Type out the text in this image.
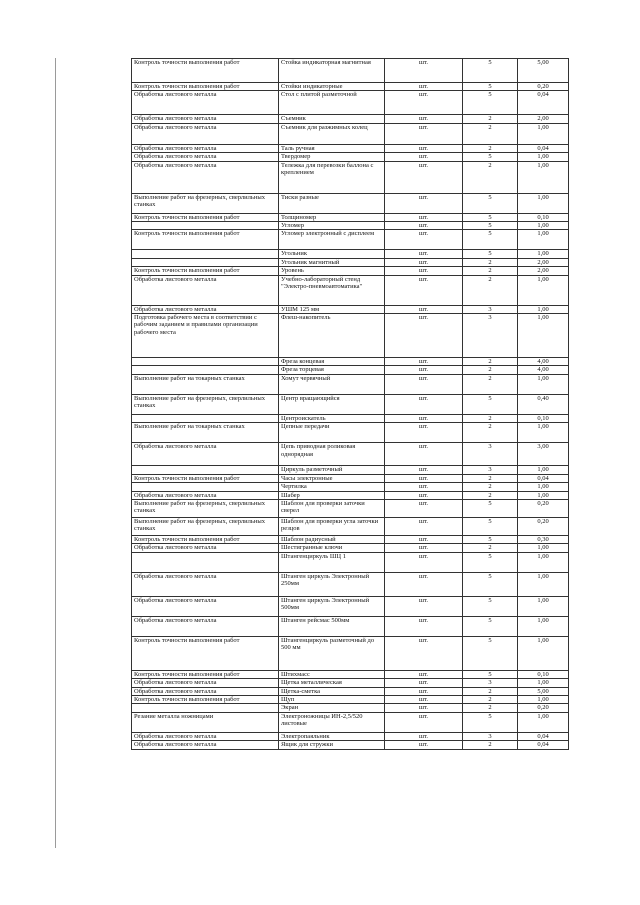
Контроль точности выполнения работ	Стойка индикаторная магнитная	шт.	5	5,00
Контроль точности выполнения работ	Стойки индикаторные	шт.	5	0,20
Обработка листового металла	Стол с плитой разметочной	шт.	5	0,04
Обработка листового металла	Съемник	шт.	2	2,00
Обработка листового металла	Съемник для разжимных колец	шт.	2	1,00
Обработка листового металла	Таль ручная	шт.	2	0,04
Обработка листового металла	Твердомер	шт.	5	1,00
Обработка листового металла	Тележка для перевозки баллона с креплением	шт.	2	1,00
Выполнение работ на фрезерных, сверлильных станках	Тиски разные	шт.	5	1,00
Контроль точности выполнения работ	Толщиномер	шт.	5	0,10
	Угломер	шт.	5	1,00
Контроль точности выполнения работ	Угломер электронный с дисплеем	шт.	5	1,00
	Угольник	шт.	5	1,00
	Угольник магнитный	шт.	2	2,00
Контроль точности выполнения работ	Уровень	шт.	2	2,00
Обработка листового металла	Учебно-лабораторный стенд "Электро-пневмоавтоматика"	шт.	2	1,00
Обработка листового металла	УШМ 125 мм	шт.	3	1,00
Подготовка рабочего места в соответствии с рабочим заданием и правилами организации рабочего места	Флеш-накопитель	шт.	3	1,00
	Фреза концевая	шт.	2	4,00
	Фреза торцевая	шт.	2	4,00
Выполнение работ на токарных станках	Хомут червячный	шт.	2	1,00
Выполнение работ на фрезерных, сверлильных станках	Центр вращающийся	шт.	5	0,40
	Центроискатель	шт.	2	0,10
Выполнение работ на токарных станках	Цепные передачи	шт.	2	1,00
Обработка листового металла	Цепь приводная роликовая однорядная	шт.	3	3,00
	Циркуль разметочный	шт.	3	1,00
Контроль точности выполнения работ	Часы электронные	шт.	2	0,04
	Чертилка	шт.	2	1,00
Обработка листового металла	Шабер	шт.	2	1,00
Выполнение работ на фрезерных, сверлильных станках	Шаблон для проверки заточки сверел	шт.	5	0,20
Выполнение работ на фрезерных, сверлильных станках	Шаблон для проверки угла заточки резцов	шт.	5	0,20
Контроль точности выполнения работ	Шаблон радиусный	шт.	5	0,30
Обработка листового металла	Шестигранные ключи	шт.	2	1,00
	Штангенциркуль ШЦ 1	шт.	5	1,00
Обработка листового металла	Штанген циркуль Электронный 250мм	шт.	5	1,00
Обработка листового металла	Штанген циркуль Электронный 500мм	шт.	5	1,00
Обработка листового металла	Штанген рейсмас 500мм	шт.	5	1,00
Контроль точности выполнения работ	Штангенциркуль разметочный до 500 мм	шт.	5	1,00
Контроль точности выполнения работ	Штихмасс	шт.	5	0,10
Обработка листового металла	Щетка металлическая	шт.	3	1,00
Обработка листового металла	Щетка-сметка	шт.	2	5,00
Контроль точности выполнения работ	Щуп	шт.	2	1,00
	Экран	шт.	2	0,20
Резание металла ножницами	Электроножницы ИН-2,5/520 листовые	шт.	5	1,00
Обработка листового металла	Электропаяльник	шт.	3	0,04
Обработка листового металла	Ящик для стружки	шт.	2	0,04
